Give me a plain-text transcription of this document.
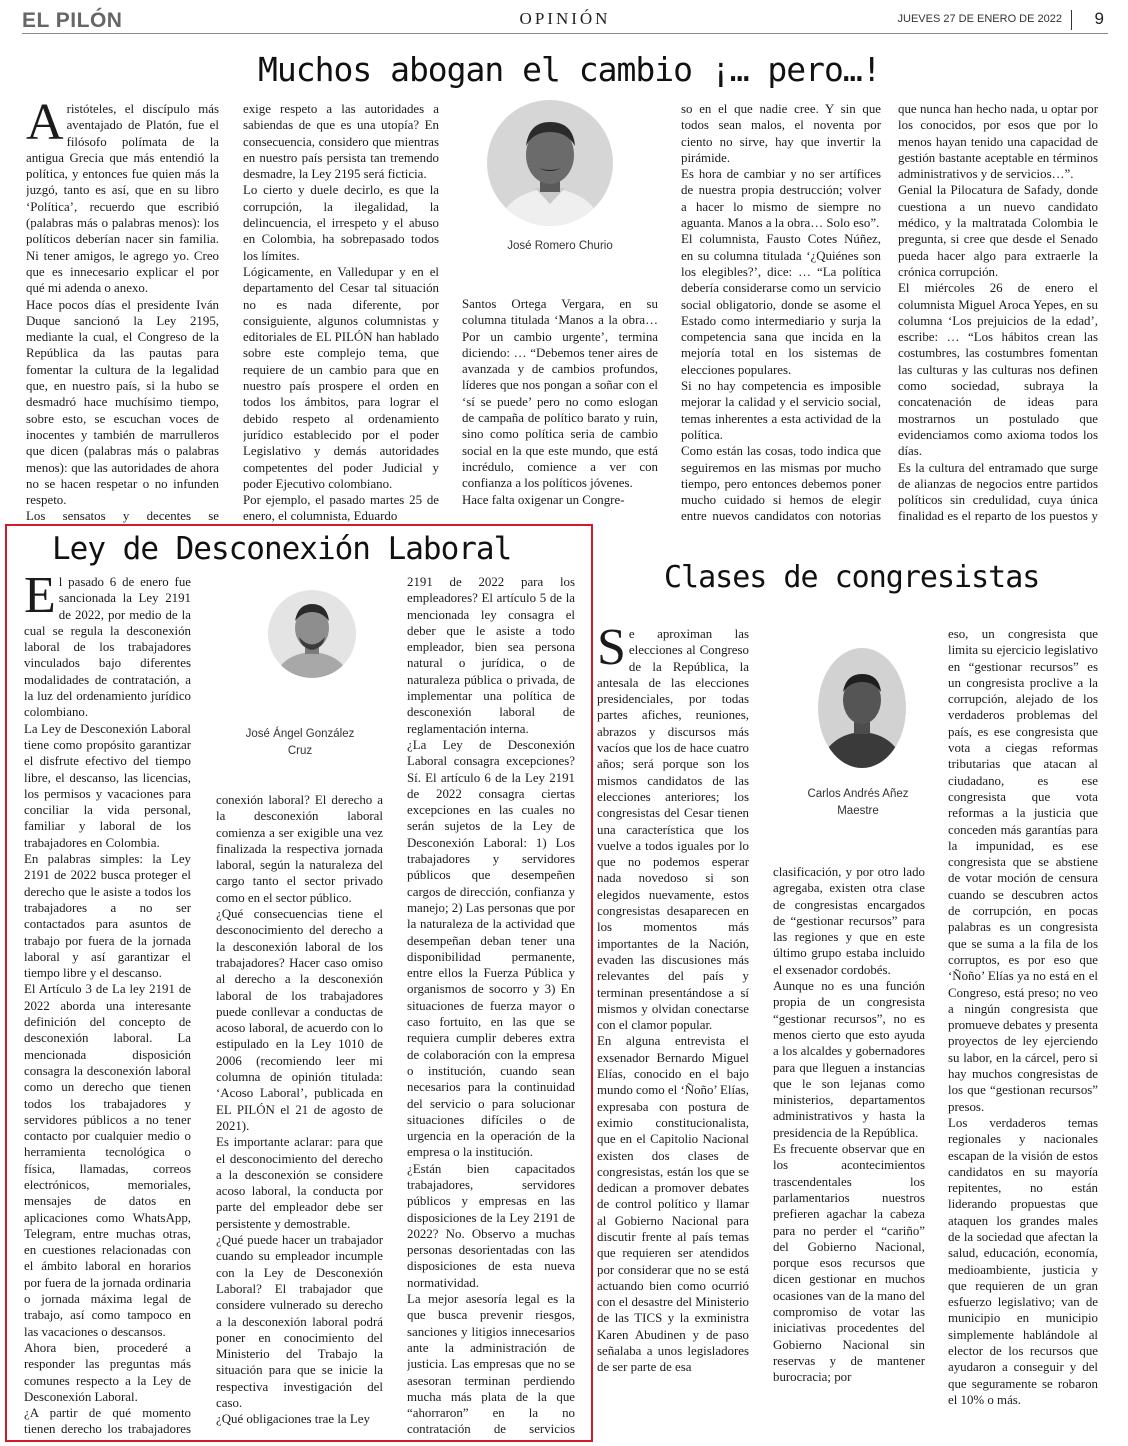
EL PILÓN	OPINIÓN	JUEVES 27 DE ENERO DE 2022 9
Muchos abogan el cambio ¡… pero…!
A ristóteles, el discípulo más aventajado de Platón, fue el filósofo polímata de la antigua Grecia que más entendió la política, y entonces fue quien más la juzgó, tanto es así, que en su libro ‘Política’, recuerdo que escribió (palabras más o palabras menos): los políticos deberían nacer sin familia. Ni tener amigos, le agrego yo. Creo que es innecesario explicar el por qué mi adenda o anexo.

Hace pocos días el presidente Iván Duque sancionó la Ley 2195, mediante la cual, el Congreso de la República da las pautas para fomentar la cultura de la legalidad que, en nuestro país, si la hubo se desmadró hace muchísimo tiempo, sobre esto, se escuchan voces de inocentes y también de marrulleros que dicen (palabras más o palabras menos): que las autoridades de ahora no se hacen respetar o no infunden respeto.

Los sensatos y decentes se

exige respeto a las autoridades a sabiendas de que es una utopía? En consecuencia, considero que mientras en nuestro país persista tan tremendo desmadre, la Ley 2195 será ficticia.

Lo cierto y duele decirlo, es que la corrupción, la ilegalidad, la delincuencia, el irrespeto y el abuso en Colombia, ha sobrepasado todos los límites.

Lógicamente, en Valledupar y en el departamento del Cesar tal situación no es nada diferente, por consiguiente, algunos columnistas y editoriales de EL PILÓN han hablado sobre este complejo tema, que requiere de un cambio para que en nuestro país prospere el orden en todos los ámbitos, para lograr el debido respeto al ordenamiento jurídico establecido por el poder Legislativo y demás autoridades competentes del poder Judicial y poder Ejecutivo colombiano.

Por ejemplo, el pasado martes 25 de enero, el columnista, Eduardo

José Romero Churio

Santos Ortega Vergara, en su columna titulada ‘Manos a la obra… Por un cambio urgente’, termina diciendo: … “Debemos tener aires de avanzada y de cambios profundos, líderes que nos pongan a soñar con el ‘sí se puede’ pero no como eslogan de campaña de político barato y ruin, sino como política seria de cambio social en la que este mundo, que está incrédulo, comience a ver con confianza a los políticos jóvenes.

Hace falta oxigenar un Congre-

so en el que nadie cree. Y sin que todos sean malos, el noventa por ciento no sirve, hay que invertir la pirámide.

Es hora de cambiar y no ser artífices de nuestra propia destrucción; volver a hacer lo mismo de siempre no aguanta. Manos a la obra… Solo eso”.

El columnista, Fausto Cotes Núñez, en su columna titulada ‘¿Quiénes son los elegibles?’, dice: … “La política debería considerarse como un servicio social obligatorio, donde se asome el Estado como intermediario y surja la competencia sana que incida en la mejoría total en los sistemas de elecciones populares.

Si no hay competencia es imposible mejorar la calidad y el servicio social, temas inherentes a esta actividad de la política.

Como están las cosas, todo indica que seguiremos en las mismas por mucho tiempo, pero entonces debemos poner mucho cuidado si hemos de elegir entre nuevos candidatos con notorias

que nunca han hecho nada, u optar por los conocidos, por esos que por lo menos hayan tenido una capacidad de gestión bastante aceptable en términos administrativos y de servicios…”.

Genial la Pilocatura de Safady, donde cuestiona a un nuevo candidato médico, y la maltratada Colombia le pregunta, si cree que desde el Senado pueda hacer algo para extraerle la crónica corrupción.

El miércoles 26 de enero el columnista Miguel Aroca Yepes, en su columna ‘Los prejuicios de la edad’, escribe: … “Los hábitos crean las costumbres, las costumbres fomentan las culturas y las culturas nos definen como sociedad, subraya la concatenación de ideas para mostrarnos un postulado que evidenciamos como axioma todos los días.

Es la cultura del entramado que surge de alianzas de negocios entre partidos políticos sin credulidad, cuya única finalidad es el reparto de los puestos y

Ley de Desconexión Laboral
E l pasado 6 de enero fue sancionada la Ley 2191 de 2022, por medio de la cual se regula la desconexión laboral de los trabajadores vinculados bajo diferentes modalidades de contratación, a la luz del ordenamiento jurídico colombiano.

La Ley de Desconexión Laboral tiene como propósito garantizar el disfrute efectivo del tiempo libre, el descanso, las licencias, los permisos y vacaciones para conciliar la vida personal, familiar y laboral de los trabajadores en Colombia.

En palabras simples: la Ley 2191 de 2022 busca proteger el derecho que le asiste a todos los trabajadores a no ser contactados para asuntos de trabajo por fuera de la jornada laboral y así garantizar el tiempo libre y el descanso.

El Artículo 3 de La ley 2191 de 2022 aborda una interesante definición del concepto de desconexión laboral. La mencionada disposición consagra la desconexión laboral como un derecho que tienen todos los trabajadores y servidores públicos a no tener contacto por cualquier medio o herramienta tecnológica o física, llamadas, correos electrónicos, memoriales, mensajes de datos en aplicaciones como WhatsApp, Telegram, entre muchas otras, en cuestiones relacionadas con el ámbito laboral en horarios por fuera de la jornada ordinaria o jornada máxima legal de trabajo, así como tampoco en las vacaciones o descansos.

Ahora bien, procederé a responder las preguntas más comunes respecto a la Ley de Desconexión Laboral.

¿A partir de qué momento tienen derecho los trabajadores

José Ángel González Cruz

conexión laboral? El derecho a la desconexión laboral comienza a ser exigible una vez finalizada la respectiva jornada laboral, según la naturaleza del cargo tanto el sector privado como en el sector público.

¿Qué consecuencias tiene el desconocimiento del derecho a la desconexión laboral de los trabajadores? Hacer caso omiso al derecho a la desconexión laboral de los trabajadores puede conllevar a conductas de acoso laboral, de acuerdo con lo estipulado en la Ley 1010 de 2006 (recomiendo leer mi columna de opinión titulada: ‘Acoso Laboral’, publicada en EL PILÓN el 21 de agosto de 2021).

Es importante aclarar: para que el desconocimiento del derecho a la desconexión se considere acoso laboral, la conducta por parte del empleador debe ser persistente y demostrable.

¿Qué puede hacer un trabajador cuando su empleador incumple con la Ley de Desconexión Laboral? El trabajador que considere vulnerado su derecho a la desconexión laboral podrá poner en conocimiento del Ministerio del Trabajo la situación para que se inicie la respectiva investigación del caso.

¿Qué obligaciones trae la Ley

2191 de 2022 para los empleadores? El artículo 5 de la mencionada ley consagra el deber que le asiste a todo empleador, bien sea persona natural o jurídica, o de naturaleza pública o privada, de implementar una política de desconexión laboral de reglamentación interna.

¿La Ley de Desconexión Laboral consagra excepciones? Sí. El artículo 6 de la Ley 2191 de 2022 consagra ciertas excepciones en las cuales no serán sujetos de la Ley de Desconexión Laboral: 1) Los trabajadores y servidores públicos que desempeñen cargos de dirección, confianza y manejo; 2) Las personas que por la naturaleza de la actividad que desempeñan deban tener una disponibilidad permanente, entre ellos la Fuerza Pública y organismos de socorro y 3) En situaciones de fuerza mayor o caso fortuito, en las que se requiera cumplir deberes extra de colaboración con la empresa o institución, cuando sean necesarios para la continuidad del servicio o para solucionar situaciones difíciles o de urgencia en la operación de la empresa o la institución.

¿Están bien capacitados trabajadores, servidores públicos y empresas en las disposiciones de la Ley 2191 de 2022? No. Observo a muchas personas desorientadas con las disposiciones de esta nueva normatividad.

La mejor asesoría legal es la que busca prevenir riesgos, sanciones y litigios innecesarios ante la administración de justicia. Las empresas que no se asesoran terminan perdiendo mucha más plata de la que “ahorraron” en la no contratación de servicios

Clases de congresistas
S e aproximan las elecciones al Congreso de la República, la antesala de las elecciones presidenciales, por todas partes afiches, reuniones, abrazos y discursos más vacíos que los de hace cuatro años; será porque son los mismos candidatos de las elecciones anteriores; los congresistas del Cesar tienen una característica que los vuelve a todos iguales por lo que no podemos esperar nada novedoso si son elegidos nuevamente, estos congresistas desaparecen en los momentos más importantes de la Nación, evaden las discusiones más relevantes del país y terminan presentándose a sí mismos y olvidan conectarse con el clamor popular.

En alguna entrevista el exsenador Bernardo Miguel Elías, conocido en el bajo mundo como el ‘Ñoño’ Elías, expresaba con postura de eximio constitucionalista, que en el Capitolio Nacional existen dos clases de congresistas, están los que se dedican a promover debates de control político y llamar al Gobierno Nacional para discutir frente al país temas que requieren ser atendidos por considerar que no se está actuando bien como ocurrió con el desastre del Ministerio de las TICS y la exministra Karen Abudinen y de paso señalaba a unos legisladores de ser parte de esa

Carlos Andrés Añez Maestre

clasificación, y por otro lado agregaba, existen otra clase de congresistas encargados de “gestionar recursos” para las regiones y que en este último grupo estaba incluido el exsenador cordobés.

Aunque no es una función propia de un congresista “gestionar recursos”, no es menos cierto que esto ayuda a los alcaldes y gobernadores para que lleguen a instancias que le son lejanas como ministerios, departamentos administrativos y hasta la presidencia de la República.

Es frecuente observar que en los acontecimientos trascendentales los parlamentarios nuestros prefieren agachar la cabeza para no perder el “cariño” del Gobierno Nacional, porque esos recursos que dicen gestionar en muchos ocasiones van de la mano del compromiso de votar las iniciativas procedentes del Gobierno Nacional sin reservas y de mantener burocracia; por

eso, un congresista que limita su ejercicio legislativo en “gestionar recursos” es un congresista proclive a la corrupción, alejado de los verdaderos problemas del país, es ese congresista que vota a ciegas reformas tributarias que atacan al ciudadano, es ese congresista que vota reformas a la justicia que conceden más garantías para la impunidad, es ese congresista que se abstiene de votar moción de censura cuando se descubren actos de corrupción, en pocas palabras es un congresista que se suma a la fila de los corruptos, es por eso que ‘Ñoño’ Elías ya no está en el Congreso, está preso; no veo a ningún congresista que promueve debates y presenta proyectos de ley ejerciendo su labor, en la cárcel, pero si hay muchos congresistas de los que “gestionan recursos” presos.

Los verdaderos temas regionales y nacionales escapan de la visión de estos candidatos en su mayoría repitentes, no están liderando propuestas que ataquen los grandes males de la sociedad que afectan la salud, educación, economía, medioambiente, justicia y que requieren de un gran esfuerzo legislativo; van de municipio en municipio simplemente hablándole al elector de los recursos que ayudaron a conseguir y del que seguramente se robaron el 10% o más.
